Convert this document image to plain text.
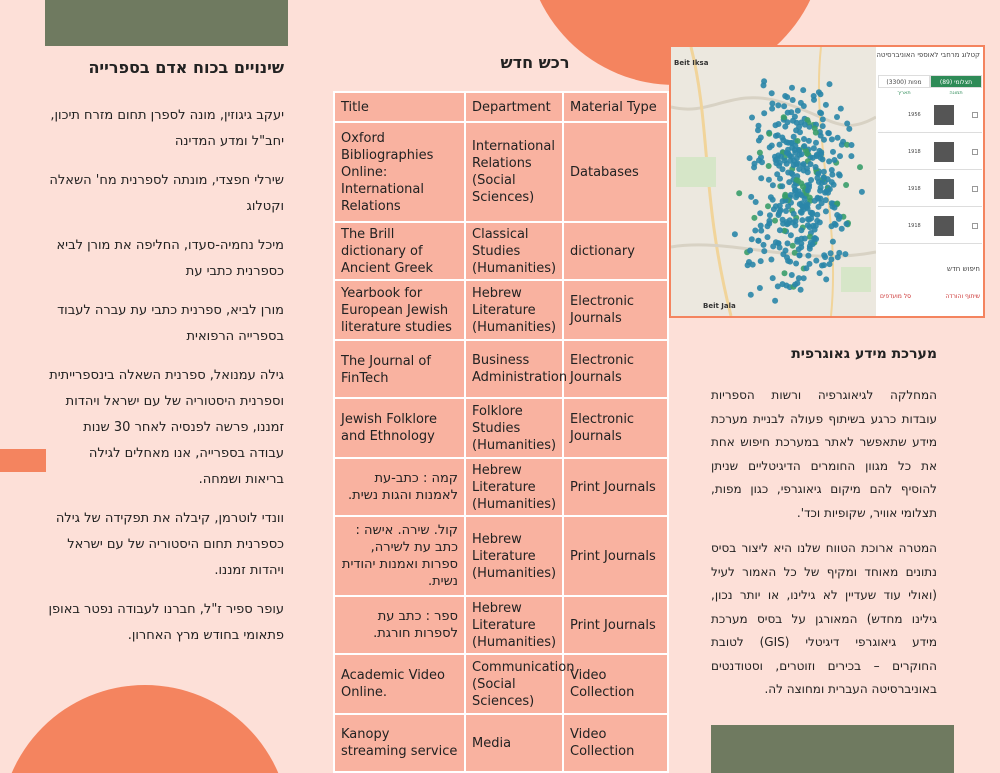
שינויים בכוח אדם בספרייה

יעקב גיגוזין, מונה לספרן תחום מזרח תיכון, יחב"ל ומדע המדינה

שירלי חפצדי, מונתה לספרנית מח' השאלה וקטלוג

מיכל נחמיה-סעדו, החליפה את מורן לביא כספרנית כתבי עת

מורן לביא, ספרנית כתבי עת עברה לעבוד בספרייה הרפואית

גילה עמנואל, ספרנית השאלה בינספרייתית וספרנית היסטוריה של עם ישראל ויהדות זמננו, פרשה לפנסיה לאחר 30 שנות עבודה בספרייה, אנו מאחלים לגילה בריאות ושמחה.

וונדי לוטרמן, קיבלה את תפקידה של גילה כספרנית תחום היסטוריה של עם ישראל ויהדות זמננו.

עופר ספיר ז"ל, חברנו לעבודה נפטר באופן פתאומי בחודש מרץ האחרון.

רכש חדש
Title	Department	Material Type
Oxford Bibliographies Online: International Relations	International Relations (Social Sciences)	Databases
The Brill dictionary of Ancient Greek	Classical Studies (Humanities)	dictionary
Yearbook for European Jewish literature studies	Hebrew Literature (Humanities)	Electronic Journals
The Journal of FinTech	Business Administration	Electronic Journals
Jewish Folklore and Ethnology	Folklore Studies (Humanities)	Electronic Journals
קמה : כתב-עת לאמנות והגות נשית.	Hebrew Literature (Humanities)	Print Journals
קול. שירה. אישה : כתב עת לשירה, ספרות ואמנות יהודית נשית.	Hebrew Literature (Humanities)	Print Journals
ספר : כתב עת לספרות חורגת.	Hebrew Literature (Humanities)	Print Journals
Academic Video Online.	Communication (Social Sciences)	Video Collection
Kanopy streaming service	Media	Video Collection
Beit Iksa
Beit Jala
קטלוג מרחבי לאוספי האוניברסיטה
תצלומי (89)
מפות (3300)
תמונה
תאריך
1956
1918
1918
1918
חיפוש חדש
שיתוף והורדה
סל מועדפים
מערכת מידע גאוגרפית

המחלקה לגיאוגרפיה ורשות הספריות עובדות כרגע בשיתוף פעולה לבניית מערכת מידע שתאפשר לאתר במערכת חיפוש אחת את כל מגוון החומרים הדיגיטליים שניתן להוסיף להם מיקום גיאוגרפי, כגון מפות, תצלומי אוויר, שקופיות וכד'.

המטרה ארוכת הטווח שלנו היא ליצור בסיס נתונים מאוחד ומקיף של כל האמור לעיל (ואולי עוד שעדיין לא גילינו, או יותר נכון, גילינו מחדש) המאורגן על בסיס מערכת מידע גיאוגרפי דיגיטלי (GIS) לטובת החוקרים – בכירים וזוטרים, וסטודנטים באוניברסיטה העברית ומחוצה לה.
